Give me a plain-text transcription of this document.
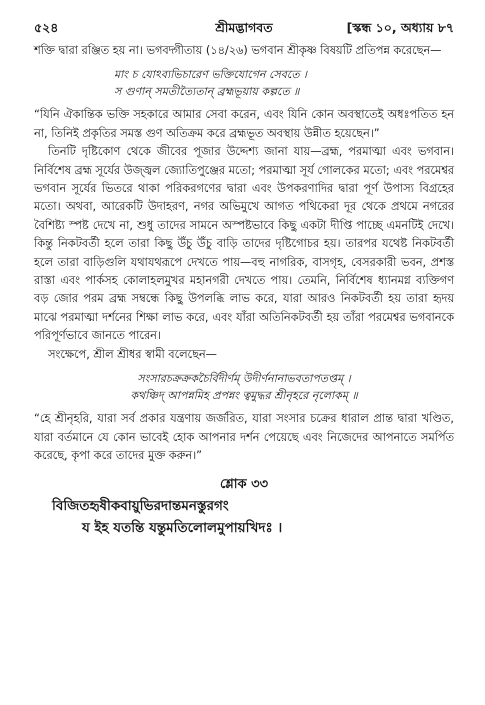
৫২৪	শ্রীমদ্ভাগবত	[স্কন্ধ ১০, অধ্যায় ৮৭

শক্তি দ্বারা রঞ্জিত হয় না। ভগবদ্গীতায় (১৪/২৬) ভগবান শ্রীকৃষ্ণ বিষয়টি প্রতিপন্ন করেছেন—

মাং চ যোঽব্যভিচারেণ ভক্তিযোগেন সেবতে ।
স গুণান্ সমতীত্যৈতান্ ব্রহ্মভূয়ায় কল্পতে ॥

“যিনি ঐকান্তিক ভক্তি সহকারে আমার সেবা করেন, এবং যিনি কোন অবস্থাতেই অধঃপতিত হন না, তিনিই প্রকৃতির সমস্ত গুণ অতিক্রম করে ব্রহ্মভূত অবস্থায় উন্নীত হয়েছেন।”

তিনটি দৃষ্টিকোণ থেকে জীবের পূজার উদ্দেশ্য জানা যায়—ব্রহ্ম, পরমাত্মা এবং ভগবান। নির্বিশেষ ব্রহ্ম সূর্যের উজ্জ্বল জ্যোতিপুঞ্জের মতো; পরমাত্মা সূর্য গোলকের মতো; এবং পরমেশ্বর ভগবান সূর্যের ভিতরে থাকা পরিকরগণের দ্বারা এবং উপকরণাদির দ্বারা পূর্ণ উপাস্য বিগ্রহের মতো। অথবা, আরেকটি উদাহরণ, নগর অভিমুখে আগত পথিকেরা দূর থেকে প্রথমে নগরের বৈশিষ্ট্য স্পষ্ট দেখে না, শুধু তাদের সামনে অস্পষ্টভাবে কিছু একটা দীপ্তি পাচ্ছে এমনটিই দেখে। কিন্তু নিকটবর্তী হলে তারা কিছু উঁচু উঁচু বাড়ি তাদের দৃষ্টিগোচর হয়। তারপর যথেষ্ট নিকটবর্তী হলে তারা বাড়িগুলি যথাযথরূপে দেখতে পায়—বহু নাগরিক, বাসগৃহ, বেসরকারী ভবন, প্রশস্ত রাস্তা এবং পার্কসহ কোলাহলমুখর মহানগরী দেখতে পায়। তেমনি, নির্বিশেষ ধ্যানমগ্ন ব্যক্তিগণ বড় জোর পরম ব্রহ্ম সম্বন্ধে কিছু উপলব্ধি লাভ করে, যারা আরও নিকটবর্তী হয় তারা হৃদয় মাঝে পরমাত্মা দর্শনের শিক্ষা লাভ করে, এবং যাঁরা অতিনিকটবর্তী হয় তাঁরা পরমেশ্বর ভগবানকে পরিপূর্ণভাবে জানতে পারেন।

সংক্ষেপে, শ্রীল শ্রীধর স্বামী বলেছেন—

সংসারচক্রক্রকচৈর্বিদীর্ণম্ উদীর্ণনানাভবতাপতপ্তম্ ।
কথঞ্চিদ্ আপন্নমিহ প্রপন্নং ত্বমুদ্ধর শ্রীনৃহরে নৃলোকম্ ॥

“হে শ্রীনৃহরি, যারা সর্ব প্রকার যন্ত্রণায় জর্জরিত, যারা সংসার চক্রের ধারাল প্রান্ত দ্বারা খণ্ডিত, যারা বর্তমানে যে কোন ভাবেই হোক আপনার দর্শন পেয়েছে এবং নিজেদের আপনাতে সমর্পিত করেছে, কৃপা করে তাদের মুক্ত করুন।”

শ্লোক ৩৩
বিজিতহৃষীকবায়ুভিরদান্তমনস্তুরগং
য ইহ যতন্তি যন্তুমতিলোলমুপায়খিদঃ ।
